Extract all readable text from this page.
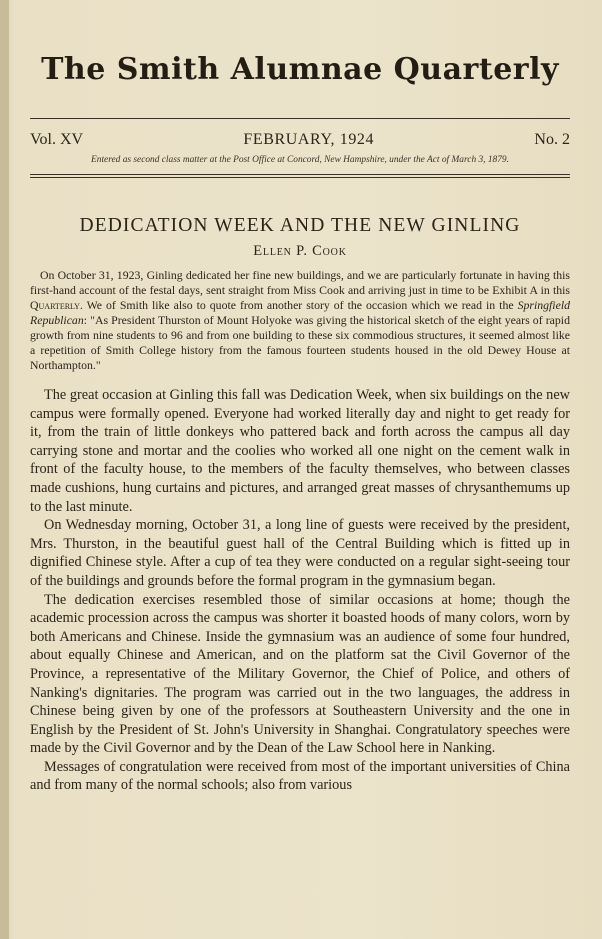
The Smith Alumnae Quarterly
Vol. XV	FEBRUARY, 1924	No. 2
Entered as second class matter at the Post Office at Concord, New Hampshire, under the Act of March 3, 1879.
DEDICATION WEEK AND THE NEW GINLING
Ellen P. Cook
On October 31, 1923, Ginling dedicated her fine new buildings, and we are particularly fortunate in having this first-hand account of the festal days, sent straight from Miss Cook and arriving just in time to be Exhibit A in this Quarterly. We of Smith like also to quote from another story of the occasion which we read in the Springfield Republican: "As President Thurston of Mount Holyoke was giving the historical sketch of the eight years of rapid growth from nine students to 96 and from one building to these six commodious structures, it seemed almost like a repetition of Smith College history from the famous fourteen students housed in the old Dewey House at Northampton."

The great occasion at Ginling this fall was Dedication Week, when six buildings on the new campus were formally opened. Everyone had worked literally day and night to get ready for it, from the train of little donkeys who pattered back and forth across the campus all day carrying stone and mortar and the coolies who worked all one night on the cement walk in front of the faculty house, to the members of the faculty themselves, who between classes made cushions, hung curtains and pictures, and arranged great masses of chrysanthemums up to the last minute.

On Wednesday morning, October 31, a long line of guests were received by the president, Mrs. Thurston, in the beautiful guest hall of the Central Building which is fitted up in dignified Chinese style. After a cup of tea they were conducted on a regular sight-seeing tour of the buildings and grounds before the formal program in the gymnasium began.

The dedication exercises resembled those of similar occasions at home; though the academic procession across the campus was shorter it boasted hoods of many colors, worn by both Americans and Chinese. Inside the gymnasium was an audience of some four hundred, about equally Chinese and American, and on the platform sat the Civil Governor of the Province, a representative of the Military Governor, the Chief of Police, and others of Nanking's dignitaries. The program was carried out in the two languages, the address in Chinese being given by one of the professors at Southeastern University and the one in English by the President of St. John's University in Shanghai. Congratulatory speeches were made by the Civil Governor and by the Dean of the Law School here in Nanking.

Messages of congratulation were received from most of the important universities of China and from many of the normal schools; also from various
